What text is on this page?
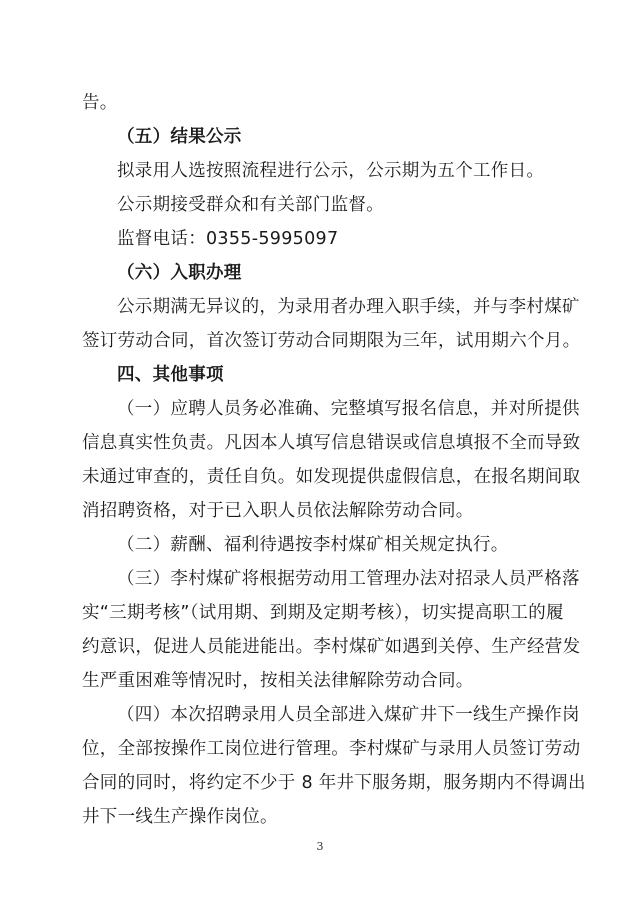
告。
（五）结果公示
拟录用人选按照流程进行公示，公示期为五个工作日。
公示期接受群众和有关部门监督。
监督电话：0355-5995097
（六）入职办理
公示期满无异议的，为录用者办理入职手续，并与李村煤矿
签订劳动合同，首次签订劳动合同期限为三年，试用期六个月。
四、其他事项
（一）应聘人员务必准确、完整填写报名信息，并对所提供
信息真实性负责。凡因本人填写信息错误或信息填报不全而导致
未通过审查的，责任自负。如发现提供虚假信息，在报名期间取
消招聘资格，对于已入职人员依法解除劳动合同。
（二）薪酬、福利待遇按李村煤矿相关规定执行。
（三）李村煤矿将根据劳动用工管理办法对招录人员严格落
实“三期考核”（试用期、到期及定期考核），切实提高职工的履
约意识，促进人员能进能出。李村煤矿如遇到关停、生产经营发
生严重困难等情况时，按相关法律解除劳动合同。
（四）本次招聘录用人员全部进入煤矿井下一线生产操作岗
位，全部按操作工岗位进行管理。李村煤矿与录用人员签订劳动
合同的同时，将约定不少于 8 年井下服务期，服务期内不得调出
井下一线生产操作岗位。
3
